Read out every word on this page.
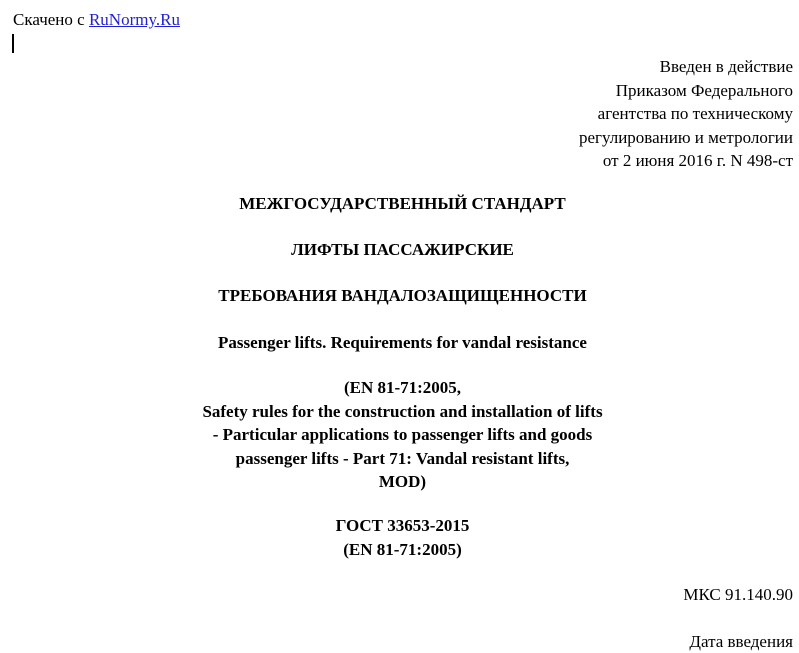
Скачено с RuNormy.Ru
Введен в действие
Приказом Федерального
агентства по техническому
регулированию и метрологии
от 2 июня 2016 г. N 498-ст
МЕЖГОСУДАРСТВЕННЫЙ СТАНДАРТ
ЛИФТЫ ПАССАЖИРСКИЕ
ТРЕБОВАНИЯ ВАНДАЛОЗАЩИЩЕННОСТИ
Passenger lifts. Requirements for vandal resistance
(EN 81-71:2005,
Safety rules for the construction and installation of lifts
- Particular applications to passenger lifts and goods
passenger lifts - Part 71: Vandal resistant lifts,
MOD)
ГОСТ 33653-2015
(EN 81-71:2005)
МКС 91.140.90
Дата введения
